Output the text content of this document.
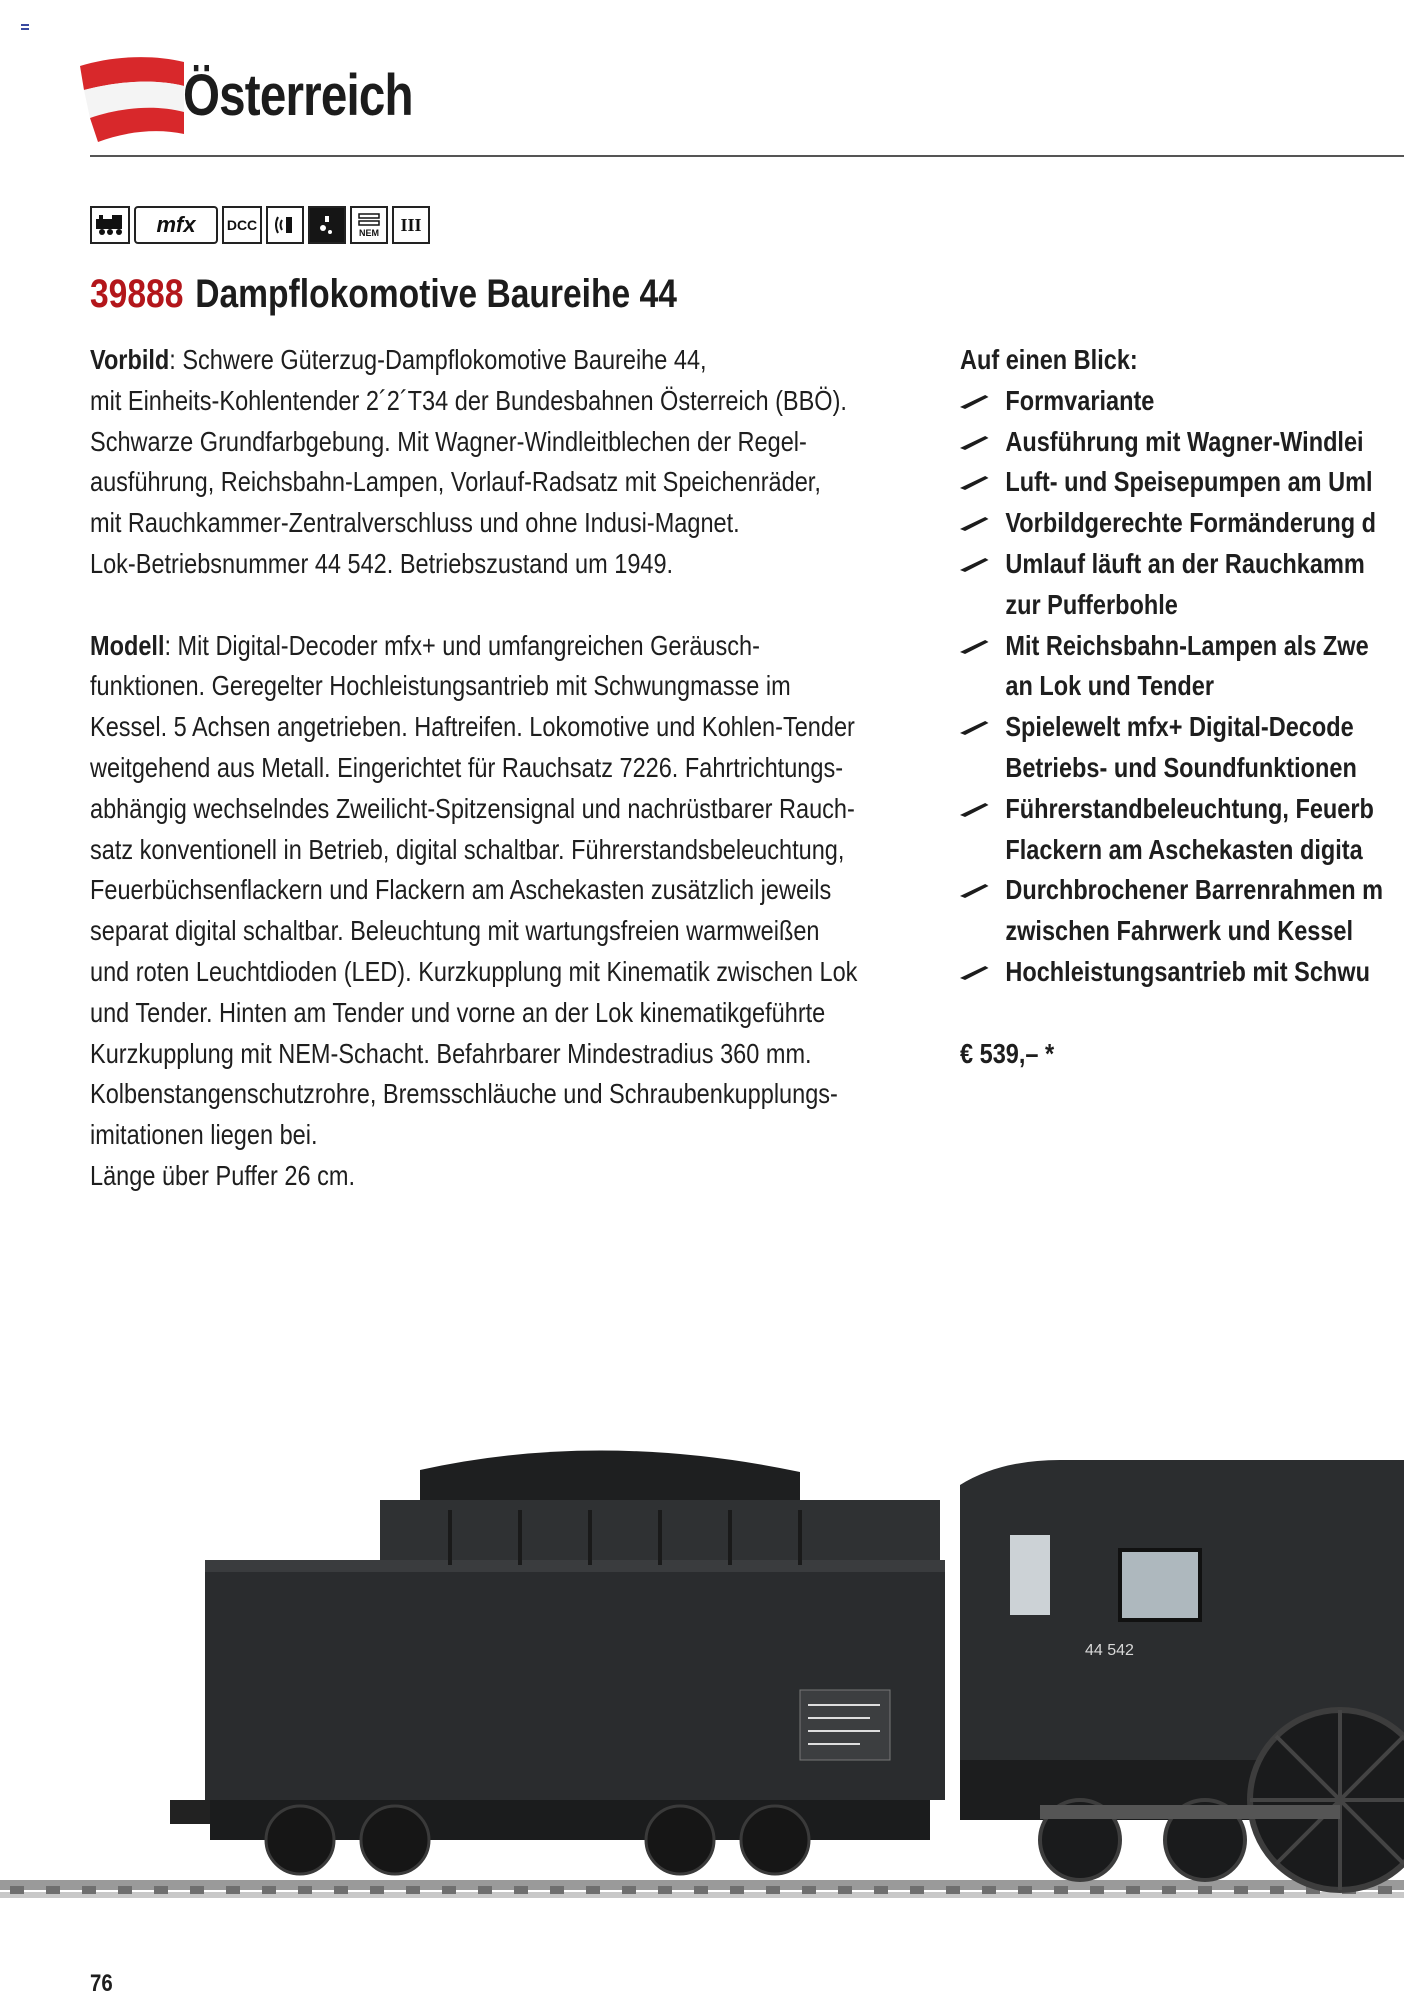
Österreich
mfx DCC	NEM III
39888 Dampflokomotive Baureihe 44

Vorbild: Schwere Güterzug-Dampflokomotive Baureihe 44,

mit Einheits-Kohlentender 2´2´T34 der Bundesbahnen Österreich (BBÖ).

Schwarze Grundfarbgebung. Mit Wagner-Windleitblechen der Regel-

ausführung, Reichsbahn-Lampen, Vorlauf-Radsatz mit Speichenräder,

mit Rauchkammer-Zentralverschluss und ohne Indusi-Magnet.

Lok-Betriebsnummer 44 542. Betriebszustand um 1949.

Modell: Mit Digital-Decoder mfx+ und umfangreichen Geräusch-

funktionen. Geregelter Hochleistungsantrieb mit Schwungmasse im

Kessel. 5 Achsen angetrieben. Haftreifen. Lokomotive und Kohlen-Tender

weitgehend aus Metall. Eingerichtet für Rauchsatz 7226. Fahrtrichtungs-

abhängig wechselndes Zweilicht-Spitzensignal und nachrüstbarer Rauch-

satz konventionell in Betrieb, digital schaltbar. Führerstandsbeleuchtung,

Feuerbüchsenflackern und Flackern am Aschekasten zusätzlich jeweils

separat digital schaltbar. Beleuchtung mit wartungsfreien warmweißen

und roten Leuchtdioden (LED). Kurzkupplung mit Kinematik zwischen Lok

und Tender. Hinten am Tender und vorne an der Lok kinematikgeführte

Kurzkupplung mit NEM-Schacht. Befahrbarer Mindestradius 360 mm.

Kolbenstangenschutzrohre, Bremsschläuche und Schraubenkupplungs-

imitationen liegen bei.

Länge über Puffer 26 cm.

Auf einen Blick:
Formvariante
Ausführung mit Wagner-Windlei
Luft- und Speisepumpen am Uml
Vorbildgerechte Formänderung d
Umlauf läuft an der Rauchkamm
zur Pufferbohle
Mit Reichsbahn-Lampen als Zwe
an Lok und Tender
Spielewelt mfx+ Digital-Decode
Betriebs- und Soundfunktionen
Führerstandbeleuchtung, Feuerb
Flackern am Aschekasten digita
Durchbrochener Barrenrahmen m
zwischen Fahrwerk und Kessel
Hochleistungsantrieb mit Schwu
€ 539,– *
44 542
76
